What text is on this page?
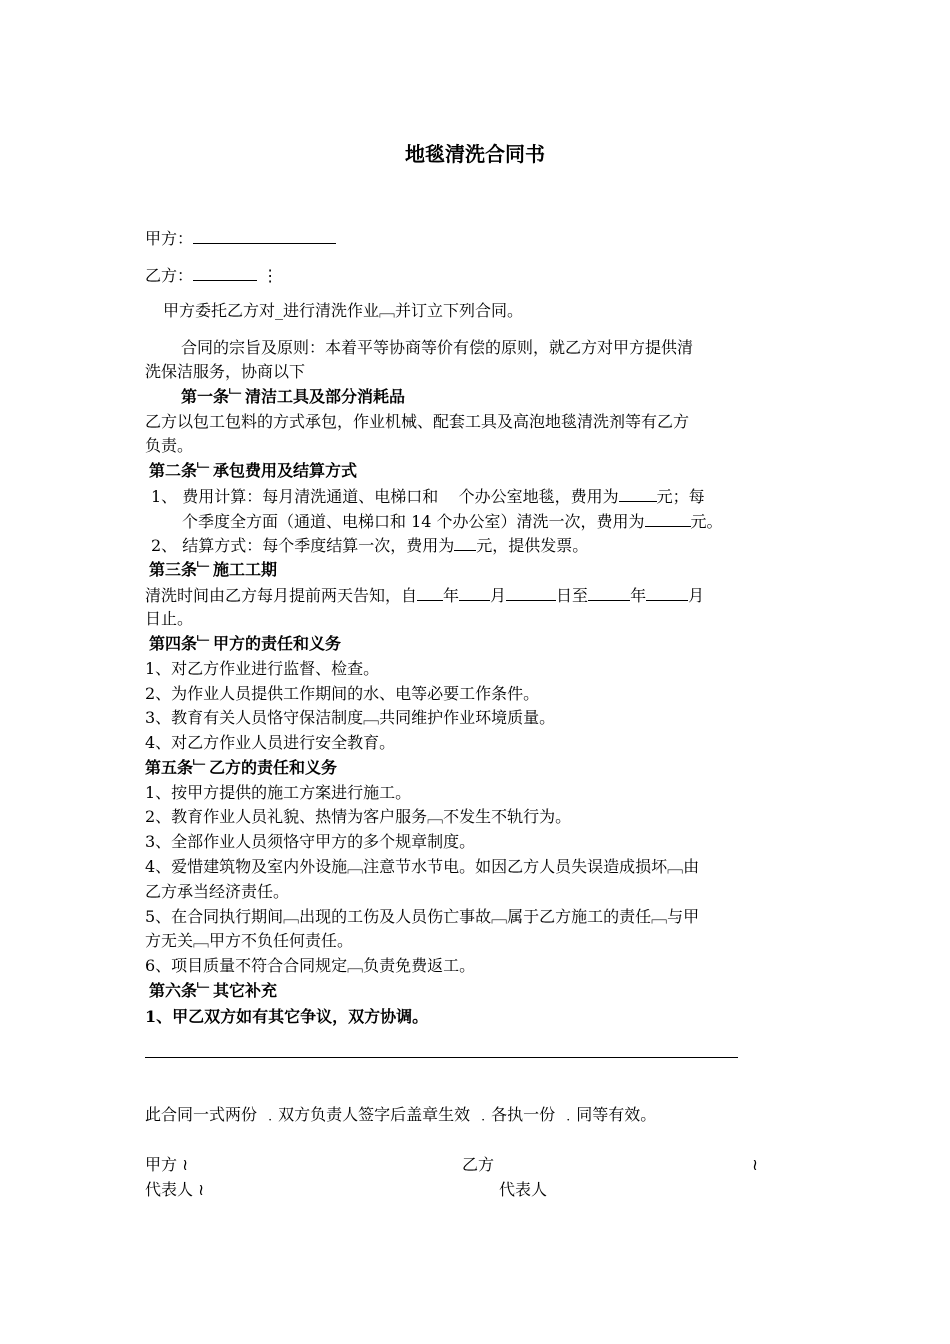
地毯清洗合同书
甲方：
乙方：	⋮
甲方委托乙方对_进行清洗作业﹇并订立下列合同。
合同的宗旨及原则：本着平等协商等价有偿的原则，就乙方对甲方提供清
洗保洁服务，协商以下
第一条﹂清洁工具及部分消耗品
乙方以包工包料的方式承包，作业机械、配套工具及高泡地毯清洗剂等有乙方
负责。
第二条﹂承包费用及结算方式
1、 费用计算：每月清洗通道、电梯口和 个办公室地毯，费用为 元；每
个季度全方面（通道、电梯口和 14 个办公室）清洗一次，费用为	元。
2、 结算方式：每个季度结算一次，费用为 元，提供发票。
第三条﹂施工工期
清洗时间由乙方每月提前两天告知，自 年 月	日至	年	月
日止。
第四条﹂甲方的责任和义务
1、对乙方作业进行监督、检查。
2、为作业人员提供工作期间的水、电等必要工作条件。
3、教育有关人员恪守保洁制度﹇共同维护作业环境质量。
4、对乙方作业人员进行安全教育。
第五条﹂乙方的责任和义务
1、按甲方提供的施工方案进行施工。
2、教育作业人员礼貌、热情为客户服务﹇不发生不轨行为。
3、全部作业人员须恪守甲方的多个规章制度。
4、爱惜建筑物及室内外设施﹇注意节水节电。如因乙方人员失误造成损坏﹇由
乙方承当经济责任。
5、在合同执行期间﹇出现的工伤及人员伤亡事故﹇属于乙方施工的责任﹇与甲
方无关﹇甲方不负任何责任。
6、项目质量不符合合同规定﹇负责免费返工。
第六条﹂其它补充
1、甲乙双方如有其它争议，双方协调。
此合同一式两份 ﹒双方负责人签字后盖章生效 ﹒各执一份 ﹒同等有效。
甲方 ≀	乙方	≀
代表人 ≀	代表人
